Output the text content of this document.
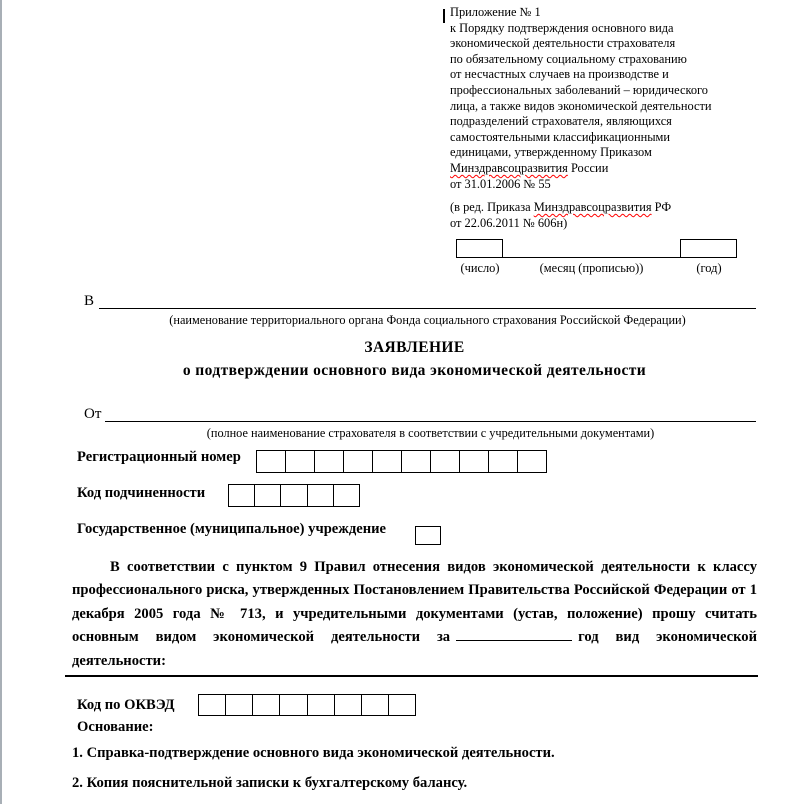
Приложение № 1
к Порядку подтверждения основного вида
экономической деятельности страхователя
по обязательному социальному страхованию
от несчастных случаев на производстве и
профессиональных заболеваний – юридического
лица, а также видов экономической деятельности
подразделений страхователя, являющихся
самостоятельными классификационными
единицами, утвержденному Приказом
Минздравсоцразвития России
от 31.01.2006 № 55
(в ред. Приказа Минздравсоцразвития РФ
от 22.06.2011 № 606н)
(число)	(месяц (прописью))	(год)
В
(наименование территориального органа Фонда социального страхования Российской Федерации)
ЗАЯВЛЕНИЕ
о подтверждении основного вида экономической деятельности
От
(полное наименование страхователя в соответствии с учредительными документами)
Регистрационный номер
Код подчиненности
Государственное (муниципальное) учреждение
В соответствии с пунктом 9 Правил отнесения видов экономической деятельности к классу профессионального риска, утвержденных Постановлением Правительства Российской Федерации от 1 декабря 2005 года № 713, и учредительными документами (устав, положение) прошу считать основным видом экономической деятельности за	год вид экономической деятельности:
Код по ОКВЭД
Основание:
1. Справка-подтверждение основного вида экономической деятельности.
2. Копия пояснительной записки к бухгалтерскому балансу.
